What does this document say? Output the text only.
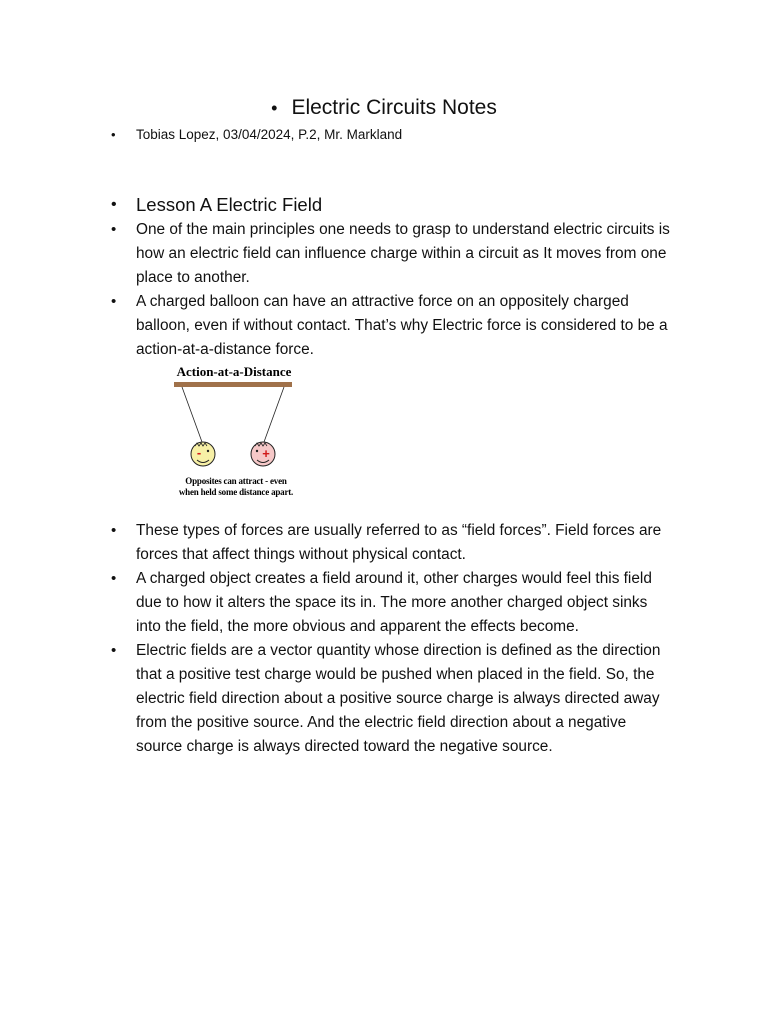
• Electric Circuits Notes
• Tobias Lopez, 03/04/2024, P.2, Mr. Markland
• Lesson A Electric Field
• One of the main principles one needs to grasp to understand electric circuits is how an electric field can influence charge within a circuit as It moves from one place to another.
• A charged balloon can have an attractive force on an oppositely charged balloon, even if without contact. That’s why Electric force is considered to be a action-at-a-distance force.
Action-at-a-Distance
-	+
Opposites can attract - even when held some distance apart.
• These types of forces are usually referred to as “field forces”. Field forces are forces that affect things without physical contact.
• A charged object creates a field around it, other charges would feel this field due to how it alters the space its in. The more another charged object sinks into the field, the more obvious and apparent the effects become.
• Electric fields are a vector quantity whose direction is defined as the direction that a positive test charge would be pushed when placed in the field. So, the electric field direction about a positive source charge is always directed away from the positive source. And the electric field direction about a negative source charge is always directed toward the negative source.
